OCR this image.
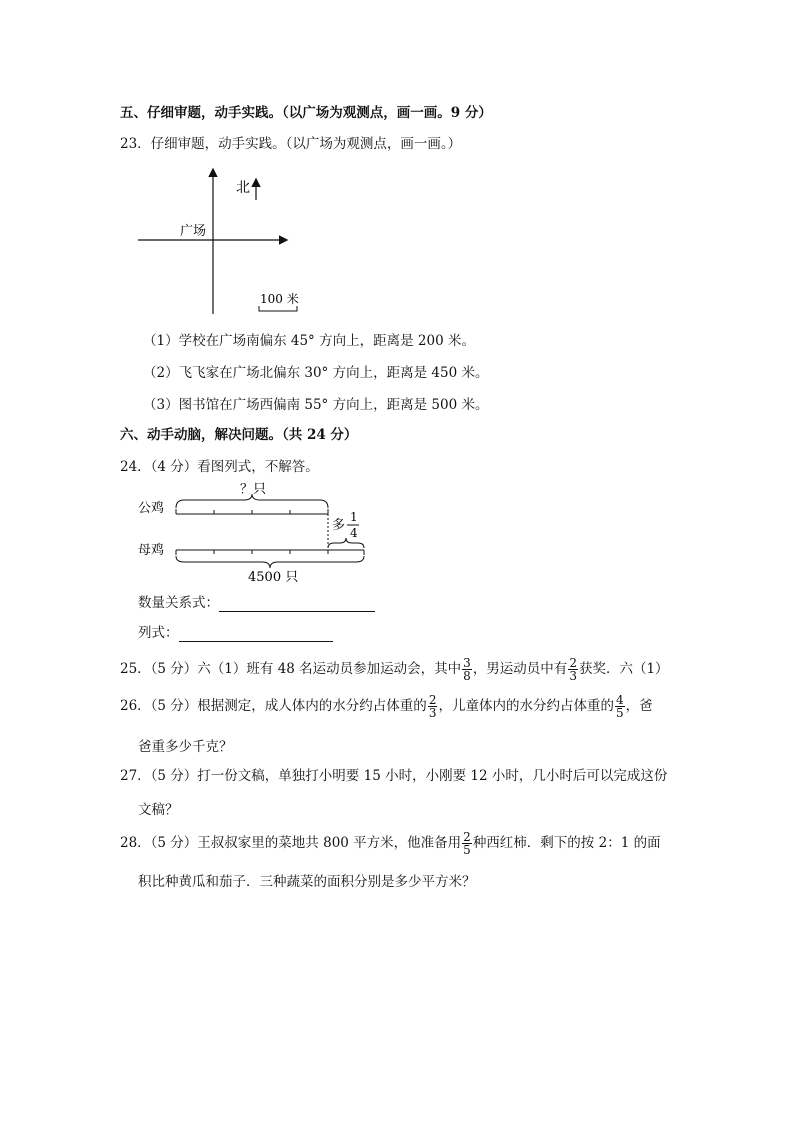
五、仔细审题，动手实践。（以广场为观测点，画一画。9 分）
23．仔细审题，动手实践。（以广场为观测点，画一画。）
北
广场
100 米
（1）学校在广场南偏东 45° 方向上，距离是 200 米。
（2）飞飞家在广场北偏东 30° 方向上，距离是 450 米。
（3）图书馆在广场西偏南 55° 方向上，距离是 500 米。
六、动手动脑，解决问题。（共 24 分）
24．（4 分）看图列式，不解答。
？只
公鸡
多
1
4
母鸡
4500 只
数量关系式：
列式：
25．（5 分）六（1）班有 48 名运动员参加运动会，其中 $\frac{3}{8}$ ，男运动员中有 $\frac{2}{3}$ 获奖．六（1）
26．（5 分）根据测定，成人体内的水分约占体重的 $\frac{2}{3}$ ，儿童体内的水分约占体重的 $\frac{4}{5}$ ，爸
爸重多少千克？
27．（5 分）打一份文稿，单独打小明要 15 小时，小刚要 12 小时，几小时后可以完成这份
文稿？
28．（5 分）王叔叔家里的菜地共 800 平方米，他准备用 $\frac{2}{5}$ 种西红柿．剩下的按 2：1 的面
积比种黄瓜和茄子．三种蔬菜的面积分别是多少平方米？
